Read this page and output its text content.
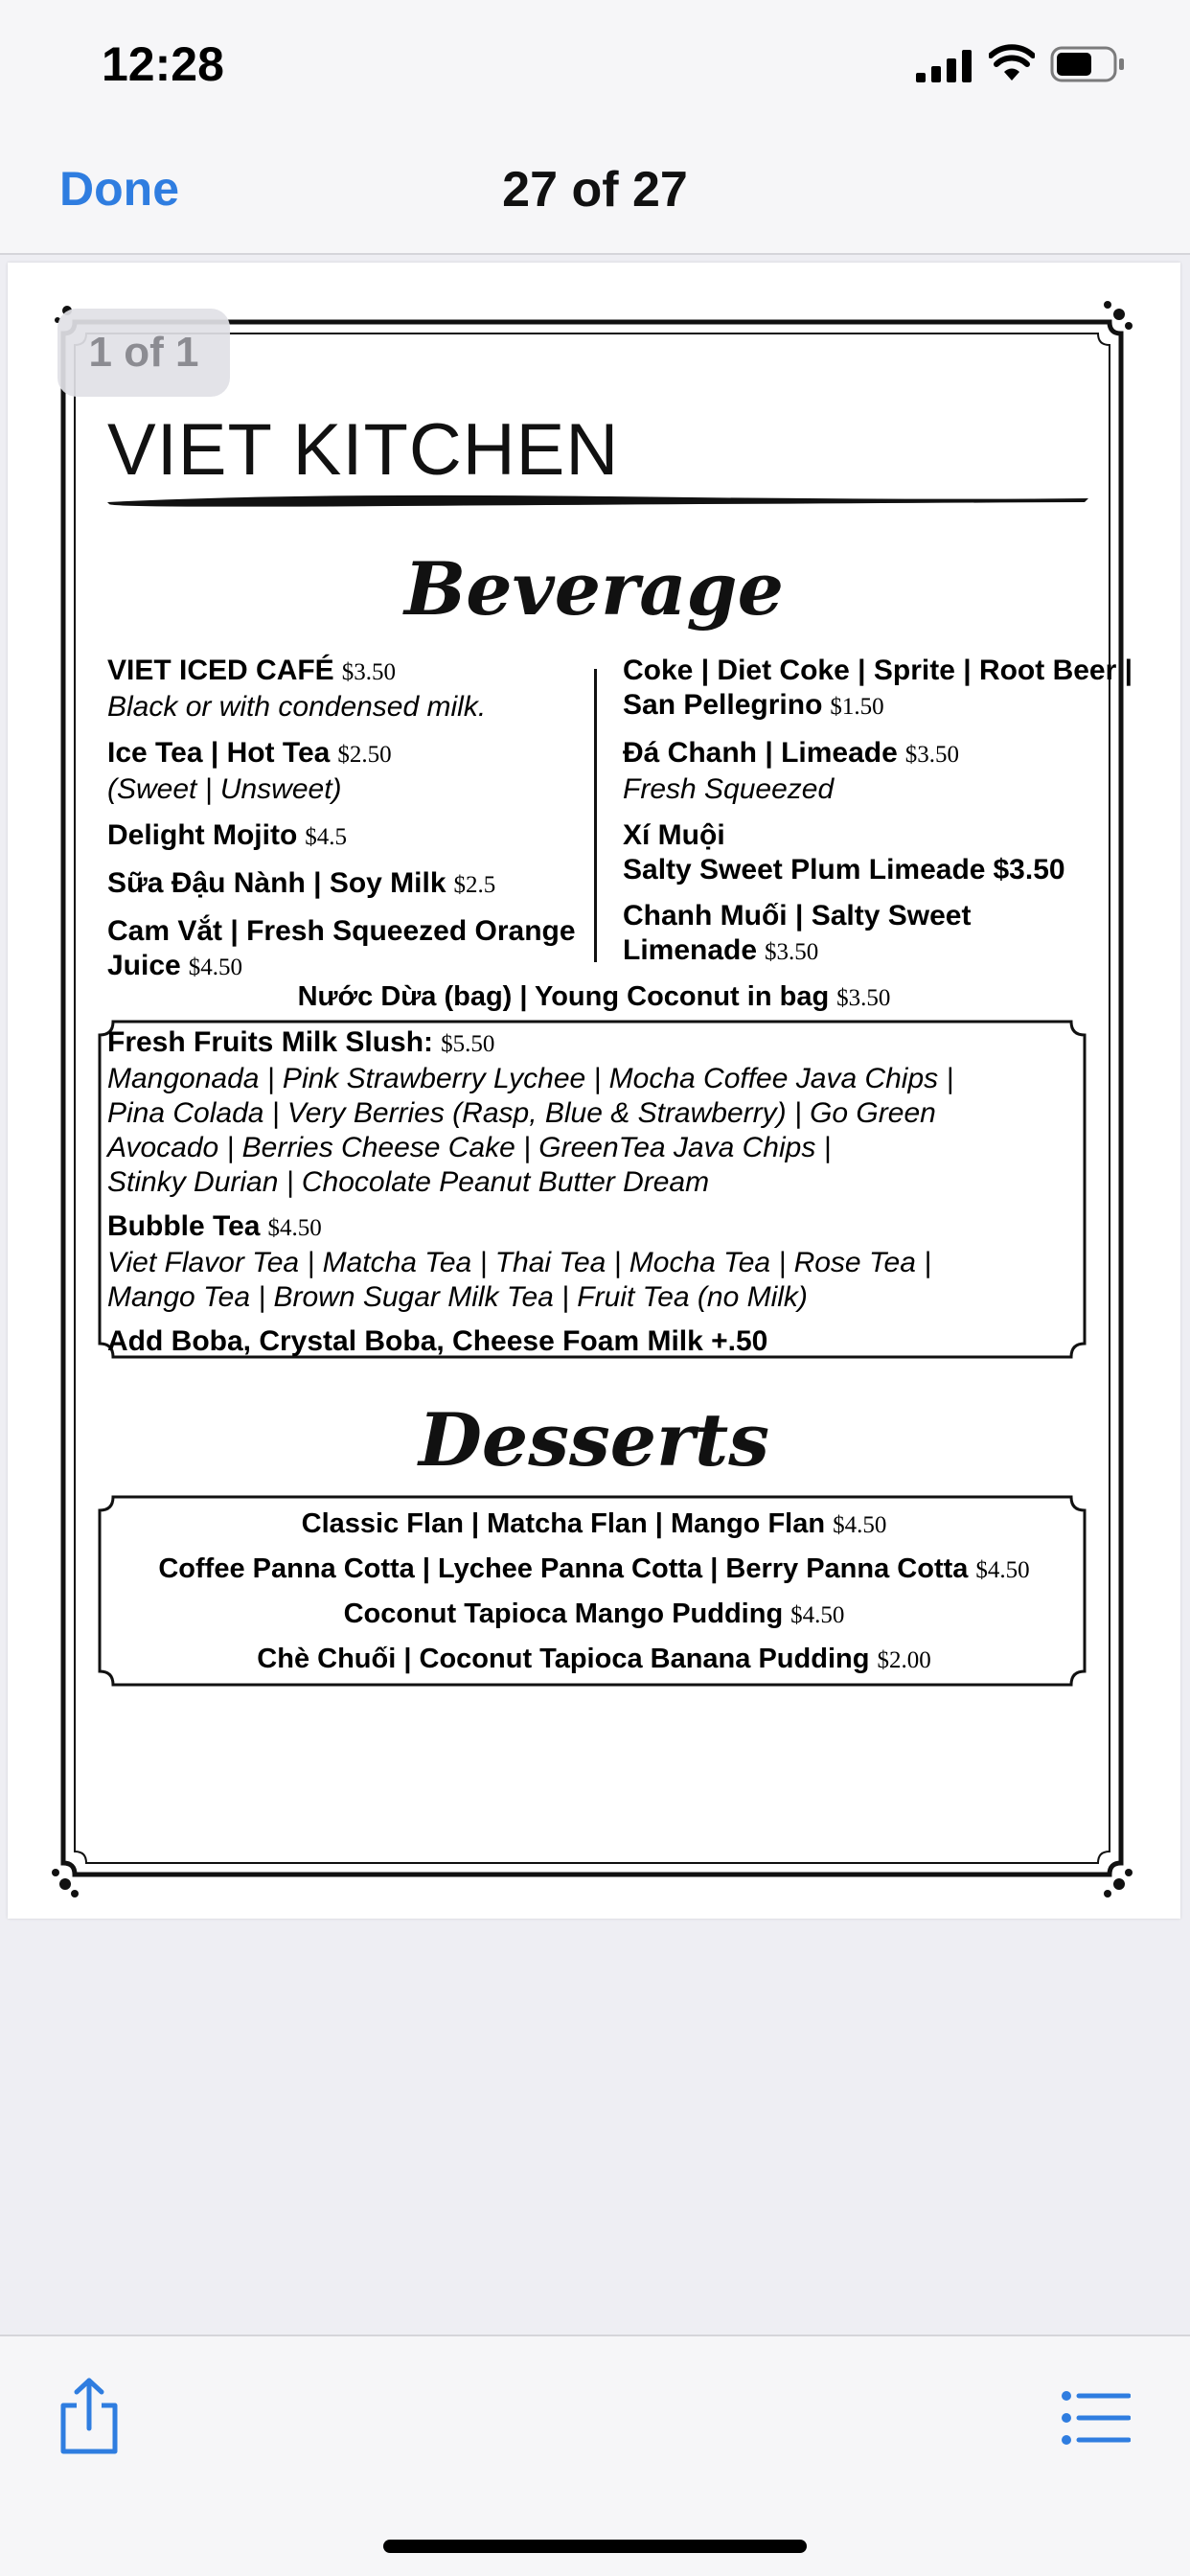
12:28
Done	27 of 27
1 of 1
VIET KITCHEN
Beverage
VIET ICED CAFÉ $3.50
Black or with condensed milk.
Ice Tea | Hot Tea $2.50
(Sweet | Unsweet)
Delight Mojito $4.5
Sữa Đậu Nành | Soy Milk $2.5
Cam Vắt | Fresh Squeezed Orange Juice $4.50
Coke | Diet Coke | Sprite | Root Beer | San Pellegrino $1.50
Đá Chanh | Limeade $3.50
Fresh Squeezed
Xí Muội
Salty Sweet Plum Limeade $3.50
Chanh Muối | Salty Sweet Limenade $3.50
Nước Dừa (bag) | Young Coconut in bag $3.50
Fresh Fruits Milk Slush: $5.50
Mangonada | Pink Strawberry Lychee | Mocha Coffee Java Chips |
Pina Colada | Very Berries (Rasp, Blue & Strawberry) | Go Green
Avocado | Berries Cheese Cake | GreenTea Java Chips |
Stinky Durian | Chocolate Peanut Butter Dream
Bubble Tea $4.50
Viet Flavor Tea | Matcha Tea | Thai Tea | Mocha Tea | Rose Tea |
Mango Tea | Brown Sugar Milk Tea | Fruit Tea (no Milk)
Add Boba, Crystal Boba, Cheese Foam Milk +.50
Desserts
Classic Flan | Matcha Flan | Mango Flan $4.50
Coffee Panna Cotta | Lychee Panna Cotta | Berry Panna Cotta $4.50
Coconut Tapioca Mango Pudding $4.50
Chè Chuối | Coconut Tapioca Banana Pudding $2.00
